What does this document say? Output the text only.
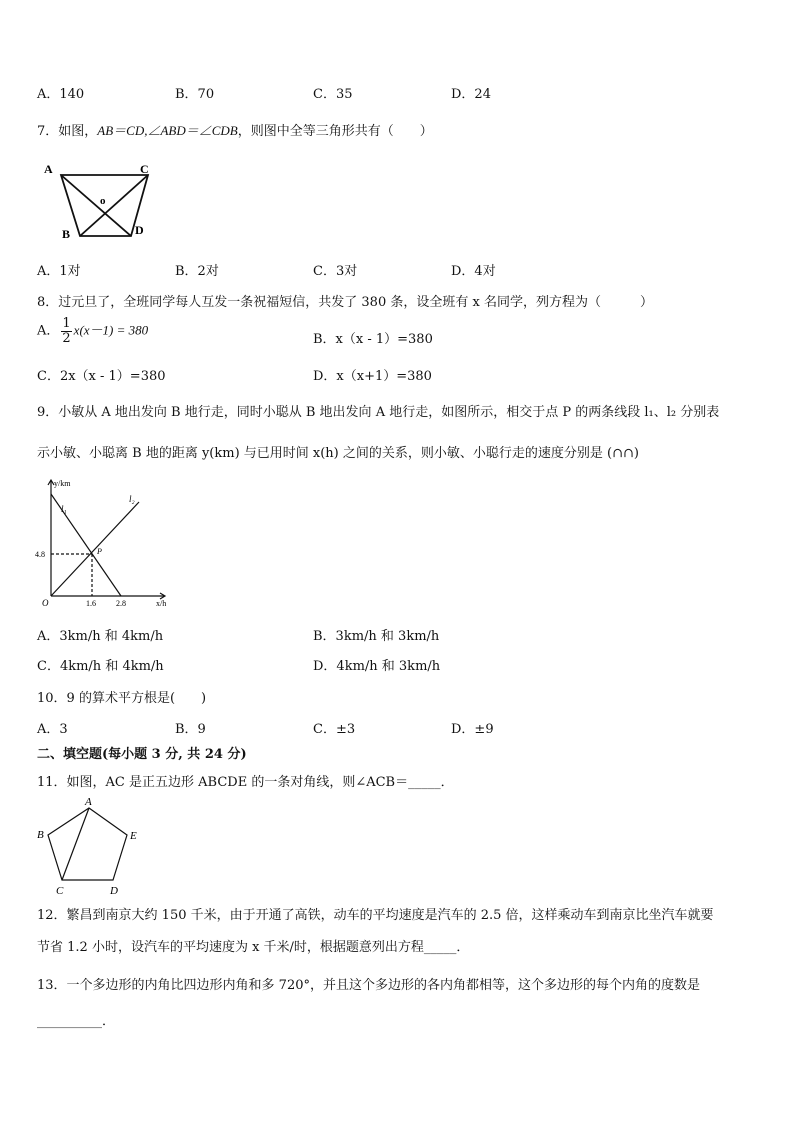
A．140	B．70	C．35	D．24
7．如图，AB＝CD,∠ABD＝∠CDB，则图中全等三角形共有（　　）
A	C
B	D
o
A．1对	B．2对	C．3对	D．4对
8．过元旦了，全班同学每人互发一条祝福短信，共发了 380 条，设全班有 x 名同学，列方程为（　　　）
A． $\frac{1}{2} x(x-1) = 380$
B．x（x - 1）=380
C．2x（x - 1）=380	D．x（x+1）=380
9．小敏从 A 地出发向 B 地行走，同时小聪从 B 地出发向 A 地行走，如图所示，相交于点 P 的两条线段 l₁、l₂ 分别表
示小敏、小聪离 B 地的距离 y(km) 与已用时间 x(h) 之间的关系，则小敏、小聪行走的速度分别是 (∩∩)
y/km
x/h
O
l₁
l₂
P
4.8
1.6	2.8
A．3km/h 和 4km/h	B．3km/h 和 3km/h
C．4km/h 和 4km/h	D．4km/h 和 3km/h
10．9 的算术平方根是(　　)
A．3	B．9	C．±3	D．±9
二、填空题(每小题 3 分, 共 24 分)
11．如图，AC 是正五边形 ABCDE 的一条对角线，则∠ACB＝_____．
A
B
C	D
E
12．繁昌到南京大约 150 千米，由于开通了高铁，动车的平均速度是汽车的 2.5 倍，这样乘动车到南京比坐汽车就要
节省 1.2 小时，设汽车的平均速度为 x 千米/时，根据题意列出方程_____．
13．一个多边形的内角比四边形内角和多 720°，并且这个多边形的各内角都相等，这个多边形的每个内角的度数是
__________．
